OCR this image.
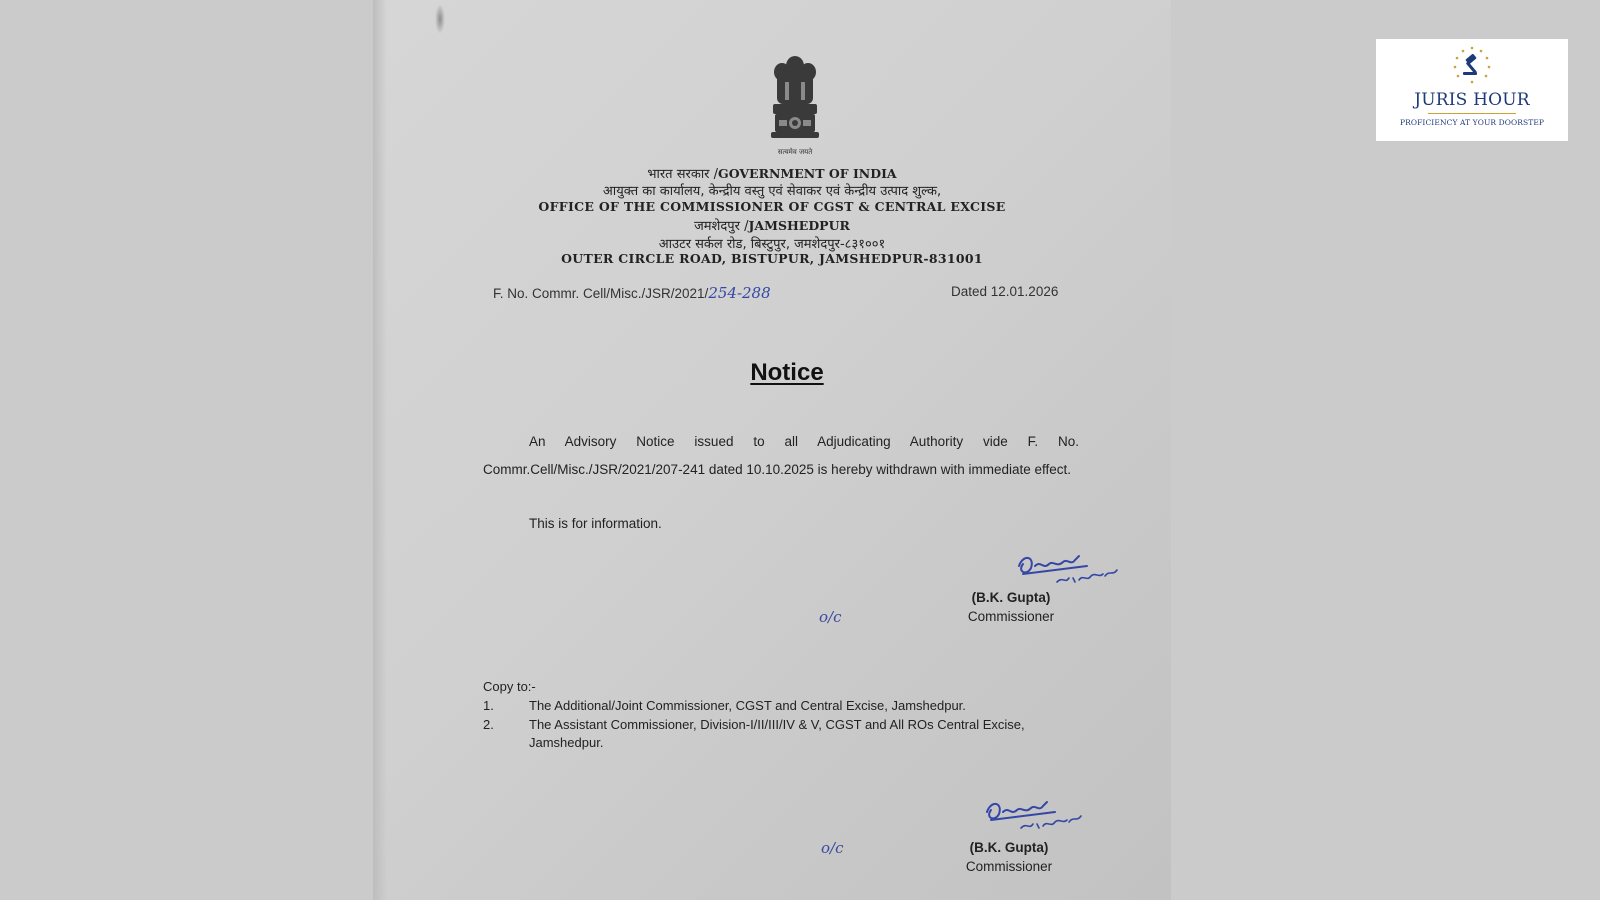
सत्यमेव जयते
भारत सरकार /GOVERNMENT OF INDIA
आयुक्त का कार्यालय, केन्द्रीय वस्तु एवं सेवाकर एवं केन्द्रीय उत्पाद शुल्क,
OFFICE OF THE COMMISSIONER OF CGST & CENTRAL EXCISE
जमशेदपुर /JAMSHEDPUR
आउटर सर्कल रोड, बिस्टुपुर, जमशेदपुर-८३१००१
OUTER CIRCLE ROAD, BISTUPUR, JAMSHEDPUR-831001
F. No. Commr. Cell/Misc./JSR/2021/254-288	Dated 12.01.2026
Notice
An Advisory Notice issued to all Adjudicating Authority vide F. No. Commr.Cell/Misc./JSR/2021/207-241 dated 10.10.2025 is hereby withdrawn with immediate effect.
This is for information.
(B.K. Gupta)
Commissioner
o/c
Copy to:-
1.	The Additional/Joint Commissioner, CGST and Central Excise, Jamshedpur.
2.	The Assistant Commissioner, Division-I/II/III/IV & V, CGST and All ROs Central Excise, Jamshedpur.
(B.K. Gupta)
Commissioner
o/c
JURIS HOUR
PROFICIENCY AT YOUR DOORSTEP
